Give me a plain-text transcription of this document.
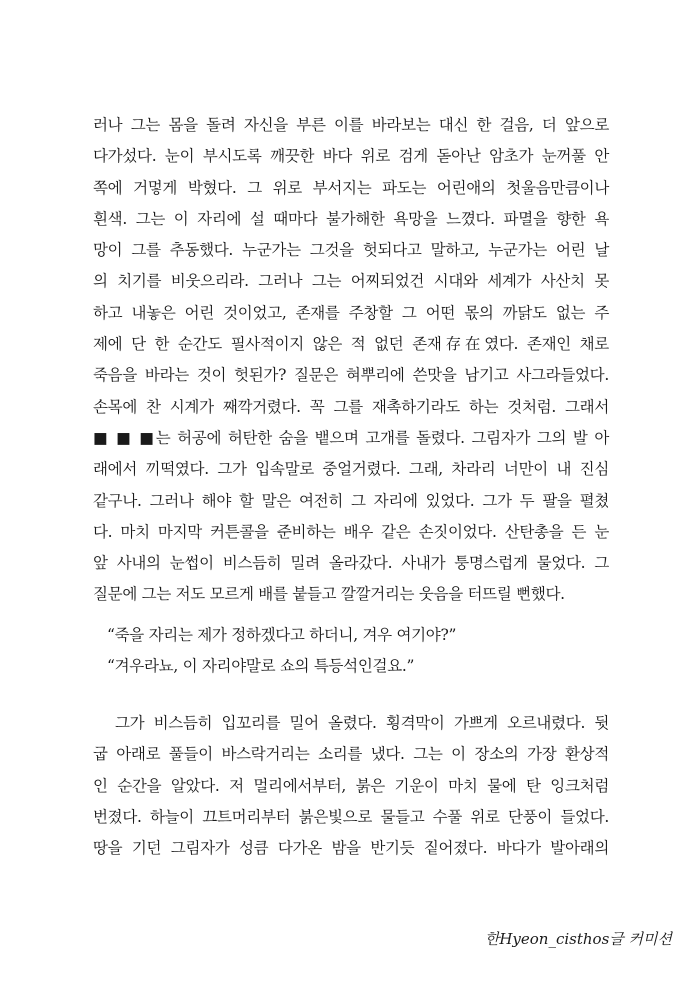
러나 그는 몸을 돌려 자신을 부른 이를 바라보는 대신 한 걸음, 더 앞으로
다가섰다. 눈이 부시도록 깨끗한 바다 위로 검게 돋아난 암초가 눈꺼풀 안
쪽에 거멓게 박혔다. 그 위로 부서지는 파도는 어린애의 첫울음만큼이나
흰색. 그는 이 자리에 설 때마다 불가해한 욕망을 느꼈다. 파멸을 향한 욕
망이 그를 추동했다. 누군가는 그것을 헛되다고 말하고, 누군가는 어린 날
의 치기를 비웃으리라. 그러나 그는 어찌되었건 시대와 세계가 사산치 못
하고 내놓은 어린 것이었고, 존재를 주창할 그 어떤 몫의 까닭도 없는 주
제에 단 한 순간도 필사적이지 않은 적 없던 존재存在였다. 존재인 채로
죽음을 바라는 것이 헛된가? 질문은 혀뿌리에 쓴맛을 남기고 사그라들었다.
손목에 찬 시계가 째깍거렸다. 꼭 그를 재촉하기라도 하는 것처럼. 그래서
■ ■ ■는 허공에 허탄한 숨을 뱉으며 고개를 돌렸다. 그림자가 그의 발 아
래에서 끼떡였다. 그가 입속말로 중얼거렸다. 그래, 차라리 너만이 내 진심
같구나. 그러나 해야 할 말은 여전히 그 자리에 있었다. 그가 두 팔을 펼쳤
다. 마치 마지막 커튼콜을 준비하는 배우 같은 손짓이었다. 산탄총을 든 눈
앞 사내의 눈썹이 비스듬히 밀려 올라갔다. 사내가 퉁명스럽게 물었다. 그
질문에 그는 저도 모르게 배를 붙들고 깔깔거리는 웃음을 터뜨릴 뻔했다.

“죽을 자리는 제가 정하겠다고 하더니, 겨우 여기야?”
“겨우라뇨, 이 자리야말로 쇼의 특등석인걸요.”

그가 비스듬히 입꼬리를 밀어 올렸다. 횡격막이 가쁘게 오르내렸다. 뒷
굽 아래로 풀들이 바스락거리는 소리를 냈다. 그는 이 장소의 가장 환상적
인 순간을 알았다. 저 멀리에서부터, 붉은 기운이 마치 물에 탄 잉크처럼
번졌다. 하늘이 끄트머리부터 붉은빛으로 물들고 수풀 위로 단풍이 들었다.
땅을 기던 그림자가 성큼 다가온 밤을 반기듯 짙어졌다. 바다가 발아래의

한Hyeon_cisthos글 커미션
